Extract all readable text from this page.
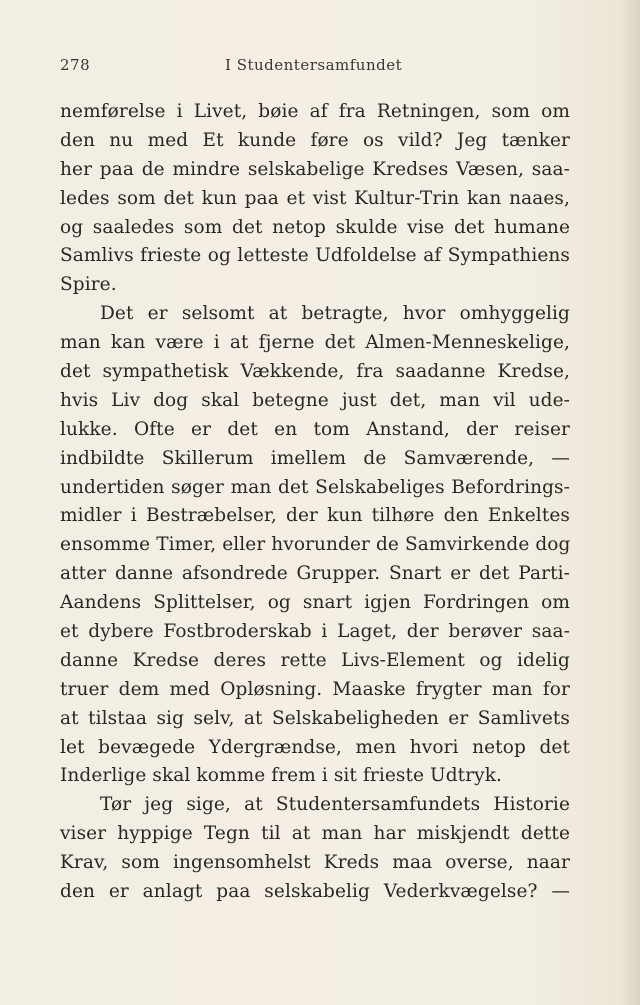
278	I Studentersamfundet
nemførelse i Livet, bøie af fra Retningen, som om
den nu med Et kunde føre os vild? Jeg tænker
her paa de mindre selskabelige Kredses Væsen, saa-
ledes som det kun paa et vist Kultur-Trin kan naaes,
og saaledes som det netop skulde vise det humane
Samlivs frieste og letteste Udfoldelse af Sympathiens
Spire.
Det er selsomt at betragte, hvor omhyggelig
man kan være i at fjerne det Almen-Menneskelige,
det sympathetisk Vækkende, fra saadanne Kredse,
hvis Liv dog skal betegne just det, man vil ude-
lukke. Ofte er det en tom Anstand, der reiser
indbildte Skillerum imellem de Samværende, —
undertiden søger man det Selskabeliges Befordrings-
midler i Bestræbelser, der kun tilhøre den Enkeltes
ensomme Timer, eller hvorunder de Samvirkende dog
atter danne afsondrede Grupper. Snart er det Parti-
Aandens Splittelser, og snart igjen Fordringen om
et dybere Fostbroderskab i Laget, der berøver saa-
danne Kredse deres rette Livs-Element og idelig
truer dem med Opløsning. Maaske frygter man for
at tilstaa sig selv, at Selskabeligheden er Samlivets
let bevægede Ydergrændse, men hvori netop det
Inderlige skal komme frem i sit frieste Udtryk.
Tør jeg sige, at Studentersamfundets Historie
viser hyppige Tegn til at man har miskjendt dette
Krav, som ingensomhelst Kreds maa overse, naar
den er anlagt paa selskabelig Vederkvægelse? —
